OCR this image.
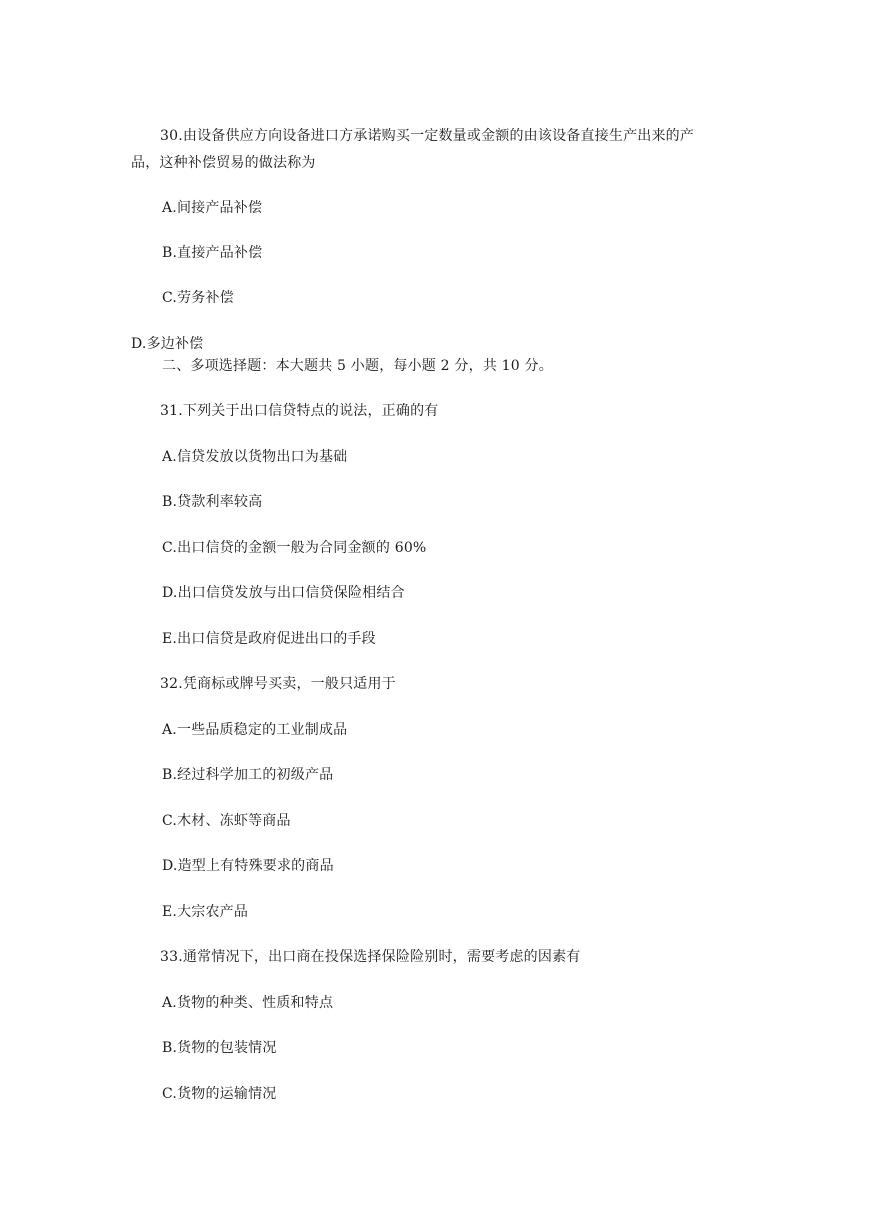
30.由设备供应方向设备进口方承诺购买一定数量或金额的由该设备直接生产出来的产
品，这种补偿贸易的做法称为
A.间接产品补偿
B.直接产品补偿
C.劳务补偿
D.多边补偿
二、多项选择题：本大题共 5 小题，每小题 2 分，共 10 分。
31.下列关于出口信贷特点的说法，正确的有
A.信贷发放以货物出口为基础
B.贷款利率较高
C.出口信贷的金额一般为合同金额的 60%
D.出口信贷发放与出口信贷保险相结合
E.出口信贷是政府促进出口的手段
32.凭商标或牌号买卖，一般只适用于
A.一些品质稳定的工业制成品
B.经过科学加工的初级产品
C.木材、冻虾等商品
D.造型上有特殊要求的商品
E.大宗农产品
33.通常情况下，出口商在投保选择保险险别时，需要考虑的因素有
A.货物的种类、性质和特点
B.货物的包装情况
C.货物的运输情况
